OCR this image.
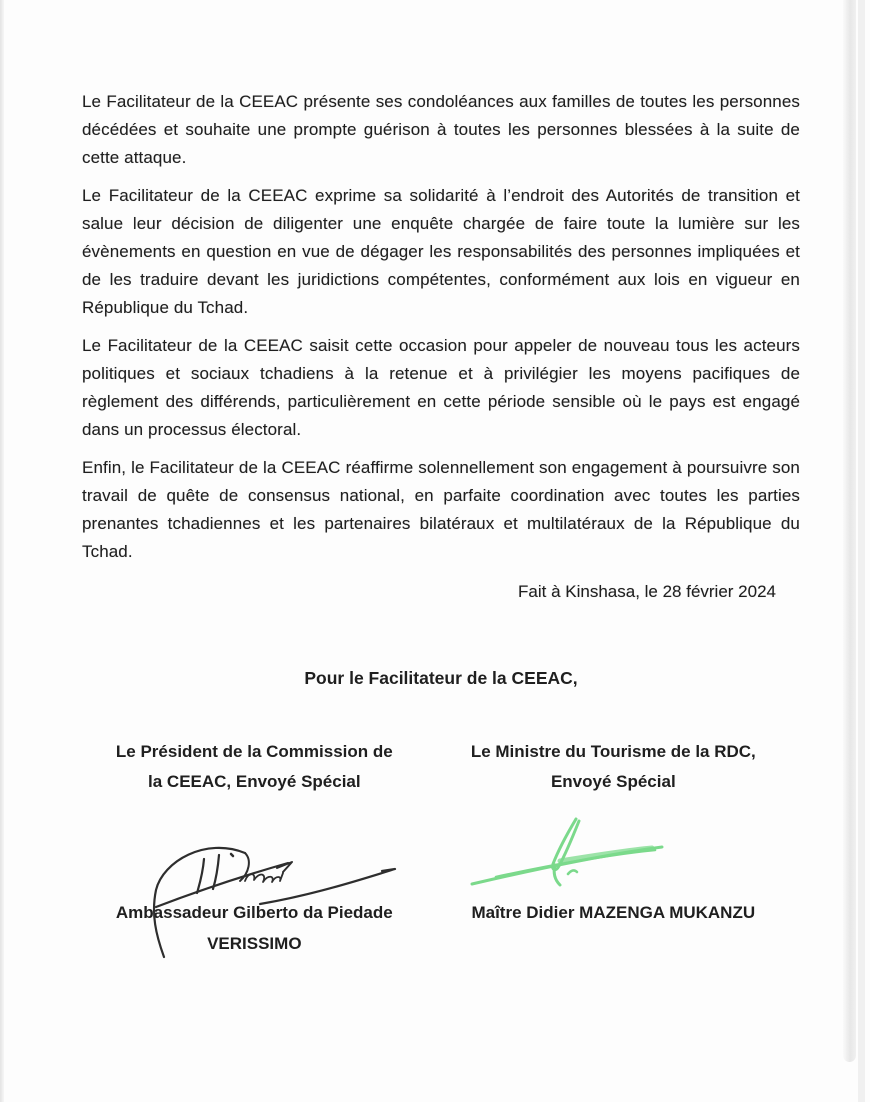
Le Facilitateur de la CEEAC présente ses condoléances aux familles de toutes les personnes décédées et souhaite une prompte guérison à toutes les personnes blessées à la suite de cette attaque.

Le Facilitateur de la CEEAC exprime sa solidarité à l’endroit des Autorités de transition et salue leur décision de diligenter une enquête chargée de faire toute la lumière sur les évènements en question en vue de dégager les responsabilités des personnes impliquées et de les traduire devant les juridictions compétentes, conformément aux lois en vigueur en République du Tchad.

Le Facilitateur de la CEEAC saisit cette occasion pour appeler de nouveau tous les acteurs politiques et sociaux tchadiens à la retenue et à privilégier les moyens pacifiques de règlement des différends, particulièrement en cette période sensible où le pays est engagé dans un processus électoral.

Enfin, le Facilitateur de la CEEAC réaffirme solennellement son engagement à poursuivre son travail de quête de consensus national, en parfaite coordination avec toutes les parties prenantes tchadiennes et les partenaires bilatéraux et multilatéraux de la République du Tchad.

Fait à Kinshasa, le 28 février 2024
Pour le Facilitateur de la CEEAC,
Le Président de la Commission de
la CEEAC, Envoyé Spécial
Le Ministre du Tourisme de la RDC,
Envoyé Spécial
Ambassadeur Gilberto da Piedade
VERISSIMO
Maître Didier MAZENGA MUKANZU
